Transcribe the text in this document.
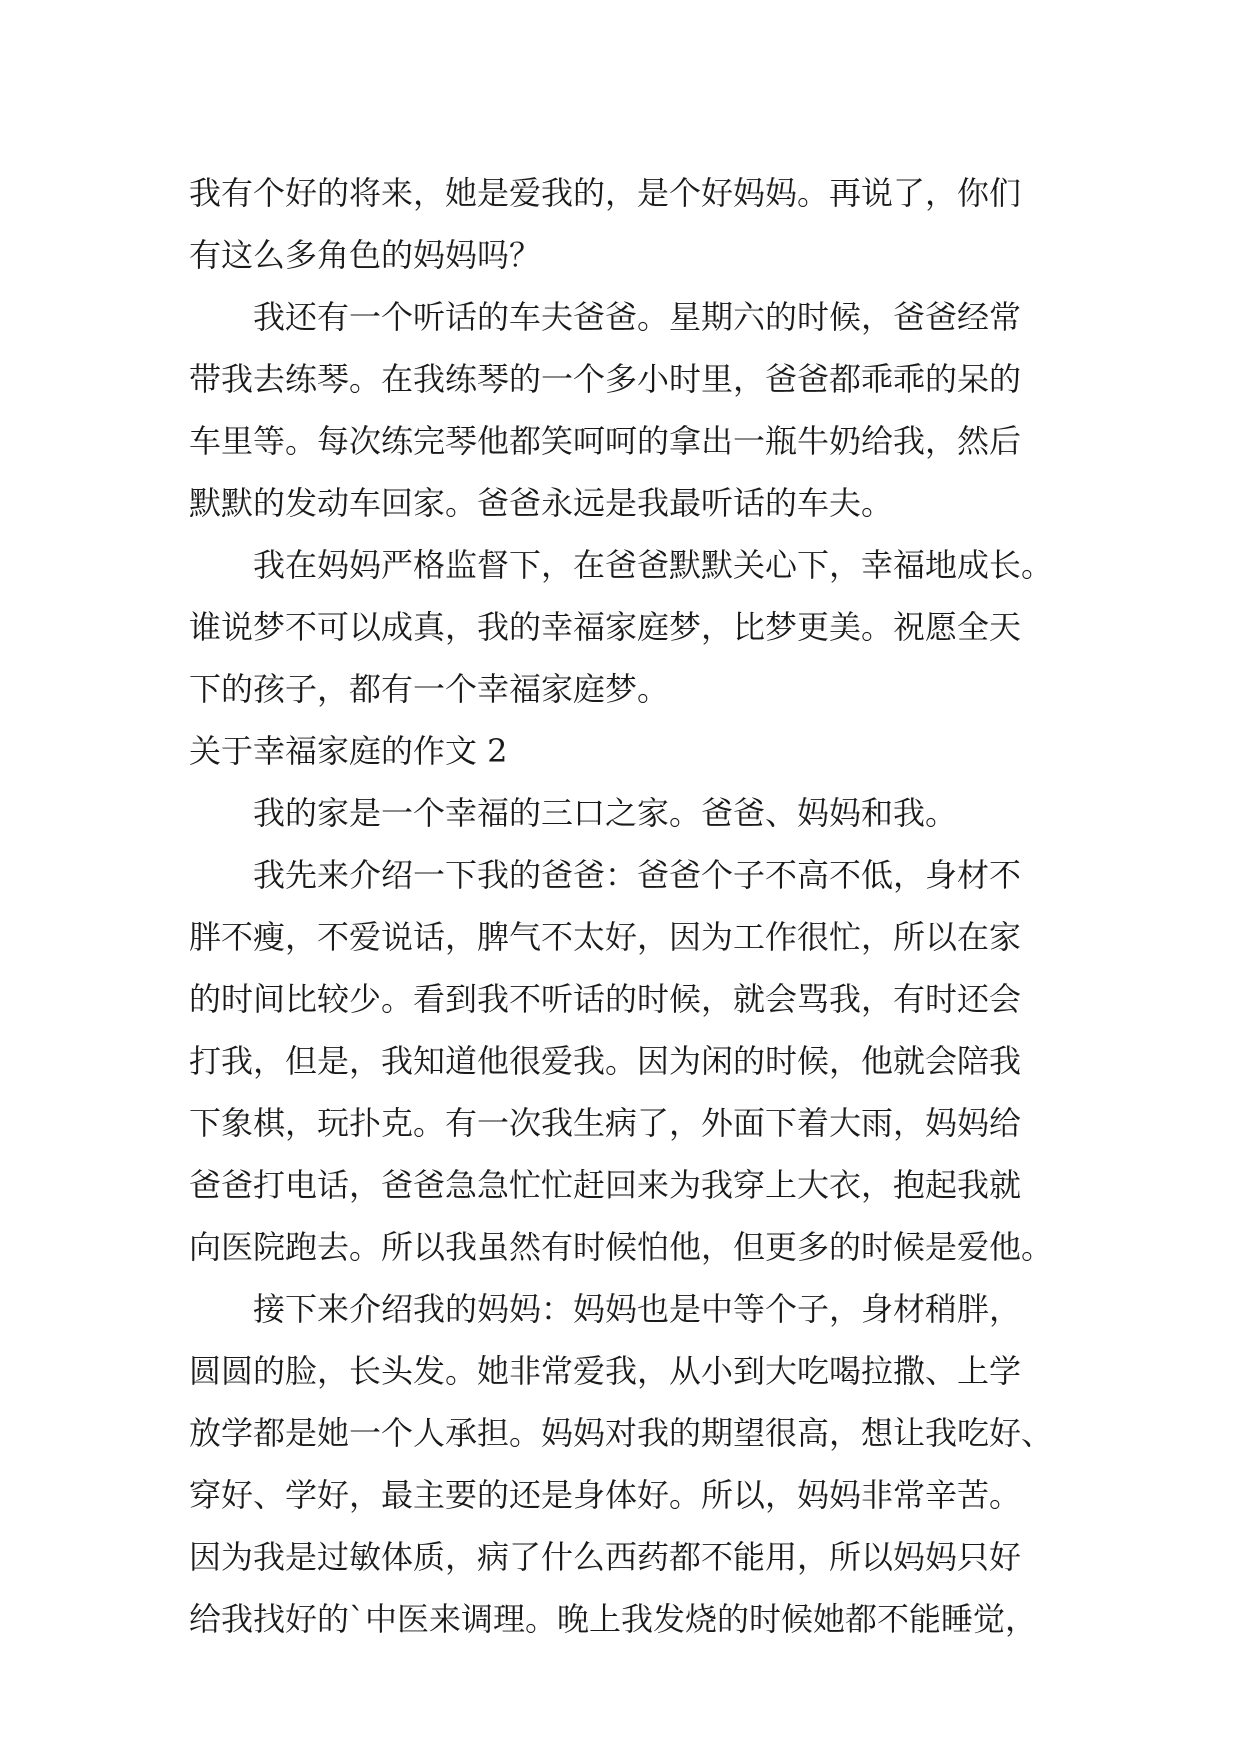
我有个好的将来，她是爱我的，是个好妈妈。再说了，你们
有这么多角色的妈妈吗？
我还有一个听话的车夫爸爸。星期六的时候，爸爸经常
带我去练琴。在我练琴的一个多小时里，爸爸都乖乖的呆的
车里等。每次练完琴他都笑呵呵的拿出一瓶牛奶给我，然后
默默的发动车回家。爸爸永远是我最听话的车夫。
我在妈妈严格监督下，在爸爸默默关心下，幸福地成长。
谁说梦不可以成真，我的幸福家庭梦，比梦更美。祝愿全天
下的孩子，都有一个幸福家庭梦。
关于幸福家庭的作文 2
我的家是一个幸福的三口之家。爸爸、妈妈和我。
我先来介绍一下我的爸爸：爸爸个子不高不低，身材不
胖不瘦，不爱说话，脾气不太好，因为工作很忙，所以在家
的时间比较少。看到我不听话的时候，就会骂我，有时还会
打我，但是，我知道他很爱我。因为闲的时候，他就会陪我
下象棋，玩扑克。有一次我生病了，外面下着大雨，妈妈给
爸爸打电话，爸爸急急忙忙赶回来为我穿上大衣，抱起我就
向医院跑去。所以我虽然有时候怕他，但更多的时候是爱他。
接下来介绍我的妈妈：妈妈也是中等个子，身材稍胖，
圆圆的脸，长头发。她非常爱我，从小到大吃喝拉撒、上学
放学都是她一个人承担。妈妈对我的期望很高，想让我吃好、
穿好、学好，最主要的还是身体好。所以，妈妈非常辛苦。
因为我是过敏体质，病了什么西药都不能用，所以妈妈只好
给我找好的`中医来调理。晚上我发烧的时候她都不能睡觉，
